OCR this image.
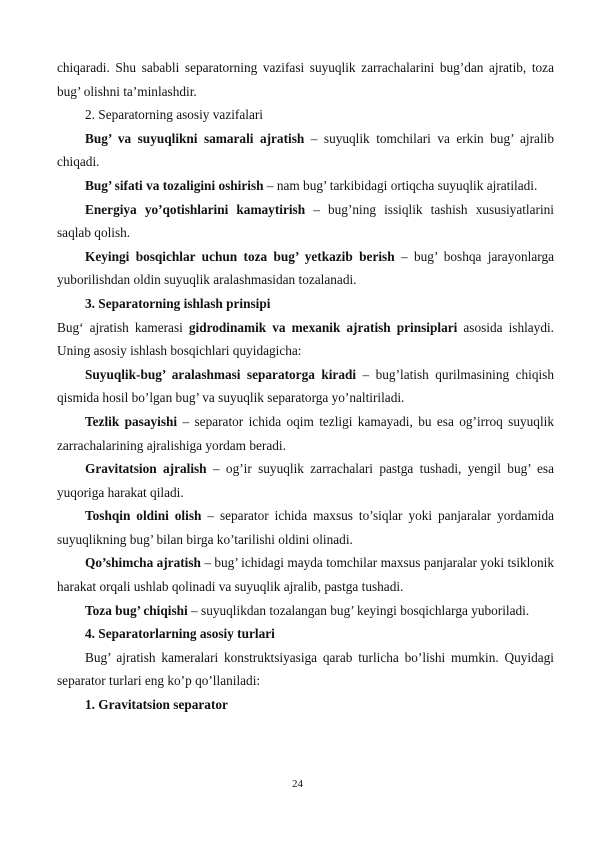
chiqaradi. Shu sababli separatorning vazifasi suyuqlik zarrachalarini bug’dan ajratib, toza bug’ olishni ta’minlashdir.

2. Separatorning asosiy vazifalari

Bug’ va suyuqlikni samarali ajratish – suyuqlik tomchilari va erkin bug’ ajralib chiqadi.

Bug’ sifati va tozaligini oshirish – nam bug’ tarkibidagi ortiqcha suyuqlik ajratiladi.

Energiya yo’qotishlarini kamaytirish – bug’ning issiqlik tashish xususiyatlarini saqlab qolish.

Keyingi bosqichlar uchun toza bug’ yetkazib berish – bug’ boshqa jarayonlarga yuborilishdan oldin suyuqlik aralashmasidan tozalanadi.

3. Separatorning ishlash prinsipi

Bug‘ ajratish kamerasi gidrodinamik va mexanik ajratish prinsiplari asosida ishlaydi. Uning asosiy ishlash bosqichlari quyidagicha:

Suyuqlik-bug’ aralashmasi separatorga kiradi – bug’latish qurilmasining chiqish qismida hosil bo’lgan bug’ va suyuqlik separatorga yo’naltiriladi.

Tezlik pasayishi – separator ichida oqim tezligi kamayadi, bu esa og’irroq suyuqlik zarrachalarining ajralishiga yordam beradi.

Gravitatsion ajralish – og’ir suyuqlik zarrachalari pastga tushadi, yengil bug’ esa yuqoriga harakat qiladi.

Toshqin oldini olish – separator ichida maxsus to’siqlar yoki panjaralar yordamida suyuqlikning bug’ bilan birga ko’tarilishi oldini olinadi.

Qo’shimcha ajratish – bug’ ichidagi mayda tomchilar maxsus panjaralar yoki tsiklonik harakat orqali ushlab qolinadi va suyuqlik ajralib, pastga tushadi.

Toza bug’ chiqishi – suyuqlikdan tozalangan bug’ keyingi bosqichlarga yuboriladi.

4. Separatorlarning asosiy turlari

Bug’ ajratish kameralari konstruktsiyasiga qarab turlicha bo’lishi mumkin. Quyidagi separator turlari eng ko’p qo’llaniladi:

1. Gravitatsion separator

24
